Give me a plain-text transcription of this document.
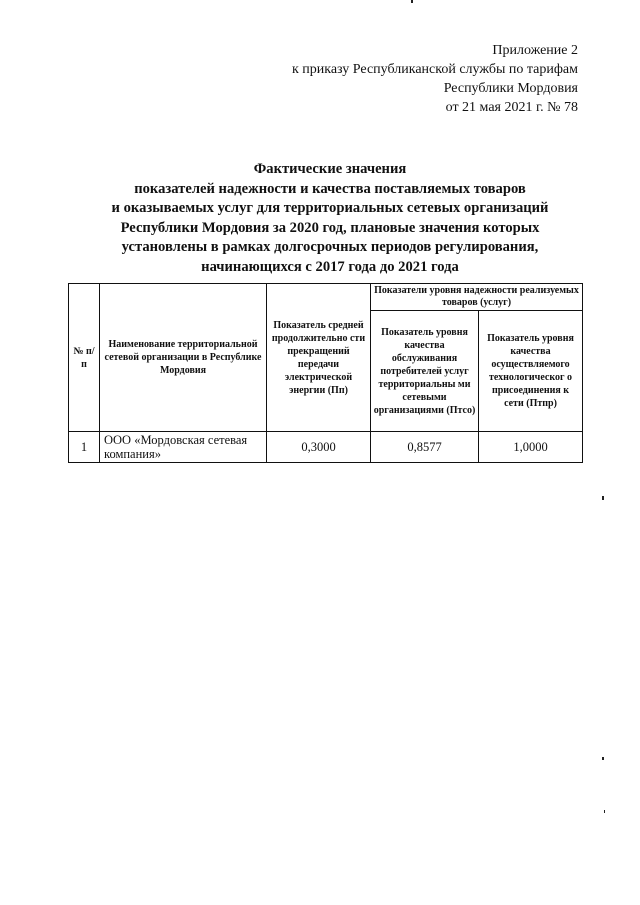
Приложение 2
к приказу Республиканской службы по тарифам
Республики Мордовия
от 21 мая 2021 г. № 78
Фактические значения
показателей надежности и качества поставляемых товаров
и оказываемых услуг для территориальных сетевых организаций
Республики Мордовия за 2020 год, плановые значения которых
установлены в рамках долгосрочных периодов регулирования,
начинающихся с 2017 года до 2021 года
№ п/п	Наименование территориальной сетевой организации в Республике Мордовия	Показатель средней продолжительно сти прекращений передачи электрической энергии (Пп)	Показатели уровня надежности реализуемых товаров (услуг)	
			Показатель уровня качества обслуживания потребителей услуг территориальны ми сетевыми организациями (Птсо)	Показатель уровня качества осуществляемого технологическог о присоединения к сети (Птпр)
1	ООО «Мордовская сетевая компания»	0,3000	0,8577	1,0000
